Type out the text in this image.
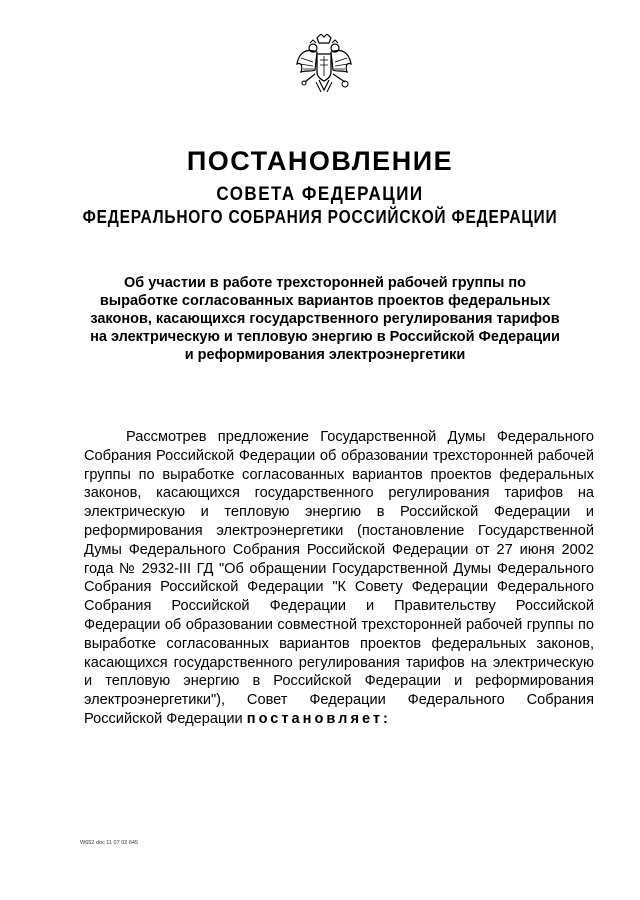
ПОСТАНОВЛЕНИЕ
СОВЕТА ФЕДЕРАЦИИ
ФЕДЕРАЛЬНОГО СОБРАНИЯ РОССИЙСКОЙ ФЕДЕРАЦИИ
Об участии в работе трехсторонней рабочей группы по выработке согласованных вариантов проектов федеральных законов, касающихся государственного регулирования тарифов на электрическую и тепловую энергию в Российской Федерации и реформирования электроэнергетики
Рассмотрев предложение Государственной Думы Федерального Собрания Российской Федерации об образовании трехсторонней рабочей группы по выработке согласованных вариантов проектов федеральных законов, касающихся государственного регулирования тарифов на электрическую и тепловую энергию в Российской Федерации и реформирования электроэнергетики (постановление Государственной Думы Федерального Собрания Российской Федерации от 27 июня 2002 года № 2932-III ГД "Об обращении Государственной Думы Федерального Собрания Российской Федерации "К Совету Федерации Федерального Собрания Российской Федерации и Правительству Российской Федерации об образовании совместной трехсторонней рабочей группы по выработке согласованных вариантов проектов федеральных законов, касающихся государственного регулирования тарифов на электрическую и тепловую энергию в Российской Федерации и реформирования электроэнергетики"), Совет Федерации Федерального Собрания Российской Федерации постановляет:
W652 doc 11 07 02 645
